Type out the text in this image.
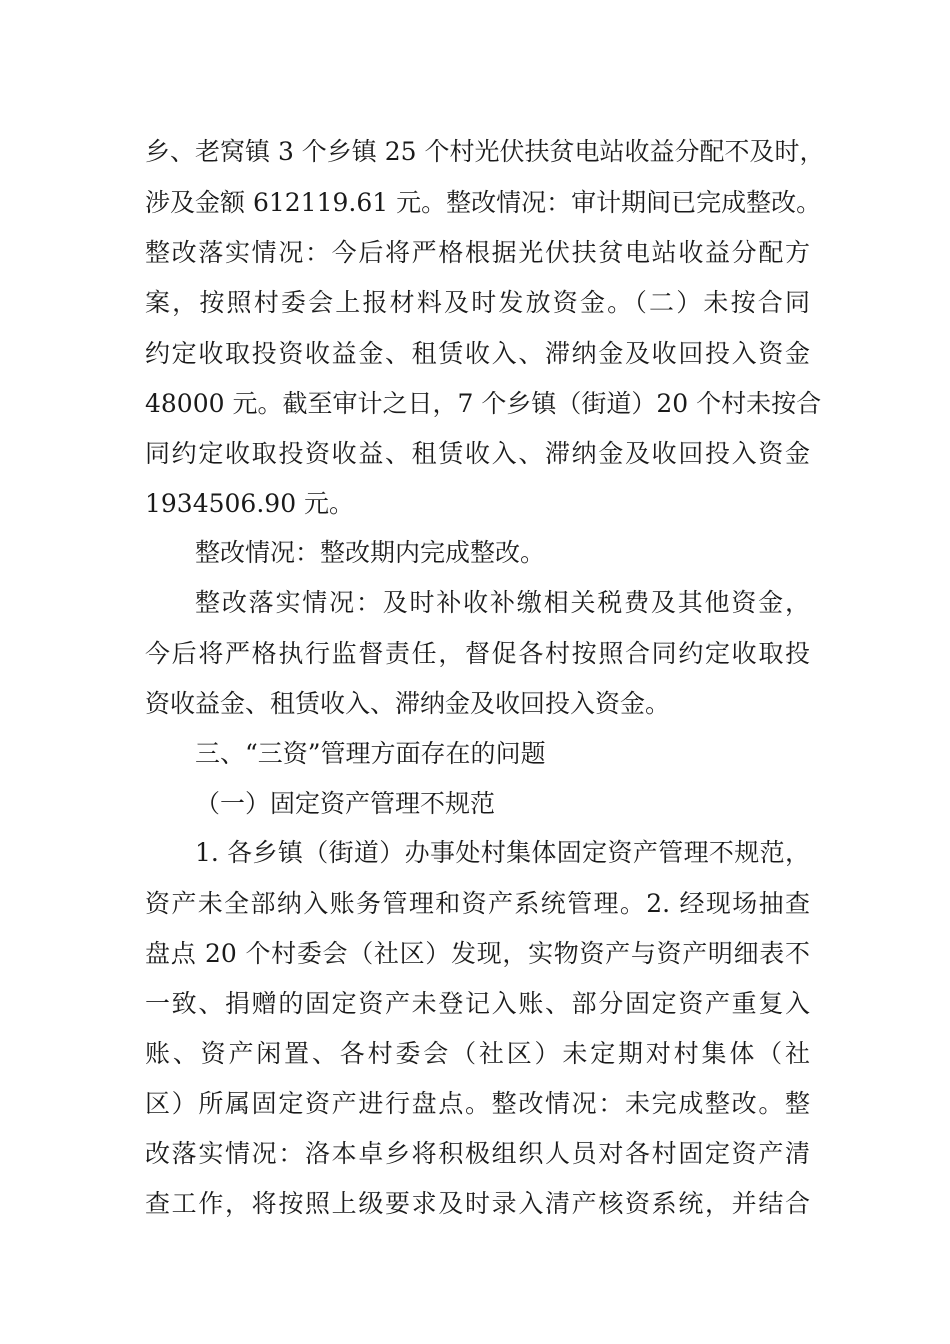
乡、老窝镇 3 个乡镇 25 个村光伏扶贫电站收益分配不及时，
涉及金额 612119.61 元。整改情况：审计期间已完成整改。
整改落实情况：今后将严格根据光伏扶贫电站收益分配方
案，按照村委会上报材料及时发放资金。（二）未按合同
约定收取投资收益金、租赁收入、滞纳金及收回投入资金
48000 元。截至审计之日，7 个乡镇（街道）20 个村未按合
同约定收取投资收益、租赁收入、滞纳金及收回投入资金
1934506.90 元。
整改情况：整改期内完成整改。
整改落实情况：及时补收补缴相关税费及其他资金，
今后将严格执行监督责任，督促各村按照合同约定收取投
资收益金、租赁收入、滞纳金及收回投入资金。
三、“三资”管理方面存在的问题
（一）固定资产管理不规范
1. 各乡镇（街道）办事处村集体固定资产管理不规范，
资产未全部纳入账务管理和资产系统管理。2. 经现场抽查
盘点 20 个村委会（社区）发现，实物资产与资产明细表不
一致、捐赠的固定资产未登记入账、部分固定资产重复入
账、资产闲置、各村委会（社区）未定期对村集体（社
区）所属固定资产进行盘点。整改情况：未完成整改。整
改落实情况：洛本卓乡将积极组织人员对各村固定资产清
查工作，将按照上级要求及时录入清产核资系统，并结合
